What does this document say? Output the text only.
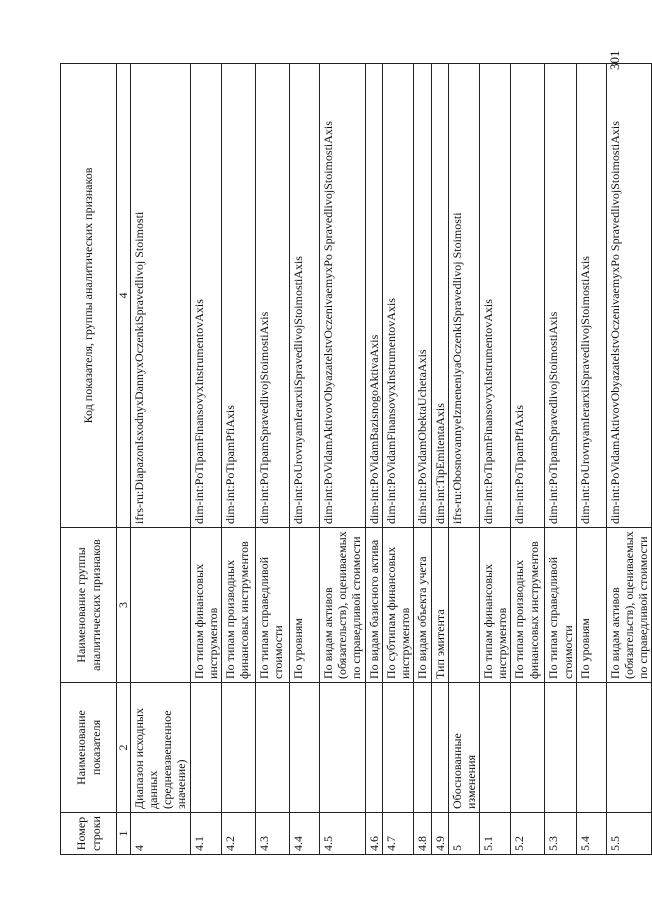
301
Номер строки	Наименование показателя	Наименование группы аналитических признаков	Код показателя, группы аналитических признаков
1	2	3	4
4	Диапазон исходных данных (средневзвешенное значение)		ifrs-ru:DiapazonIsxodnyxDannyxOczenkiSpravedlivoj Stoimosti
4.1		По типам финансовых инструментов	dim-int:PoTipamFinansovyxInstrumentovAxis
4.2		По типам производных финансовых инструментов	dim-int:PoTipamPfiAxis
4.3		По типам справедливой стоимости	dim-int:PoTipamSpravedlivojStoimostiAxis
4.4		По уровням	dim-int:PoUrovnyamIerarxiiSpravedlivojStoimostiAxis
4.5		По видам активов (обязательств), оцениваемых по справедливой стоимости	dim-int:PoVidamAktivovObyazatelstvOczenivaemyxPo SpravedlivojStoimostiAxis
4.6		По видам базисного актива	dim-int:PoVidamBazisnogoAktivaAxis
4.7		По субтипам финансовых инструментов	dim-int:PoVidamFinansovyxInstrumentovAxis
4.8		По видам объекта учета	dim-int:PoVidamObektaUchetaAxis
4.9		Тип эмитента	dim-int:TipEmitentaAxis
5	Обоснованные изменения		ifrs-ru:ObosnovannyeIzmeneniyaOczenkiSpravedlivoj Stoimosti
5.1		По типам финансовых инструментов	dim-int:PoTipamFinansovyxInstrumentovAxis
5.2		По типам производных финансовых инструментов	dim-int:PoTipamPfiAxis
5.3		По типам справедливой стоимости	dim-int:PoTipamSpravedlivojStoimostiAxis
5.4		По уровням	dim-int:PoUrovnyamIerarxiiSpravedlivojStoimostiAxis
5.5		По видам активов (обязательств), оцениваемых по справедливой стоимости	dim-int:PoVidamAktivovObyazatelstvOczenivaemyxPo SpravedlivojStoimostiAxis
